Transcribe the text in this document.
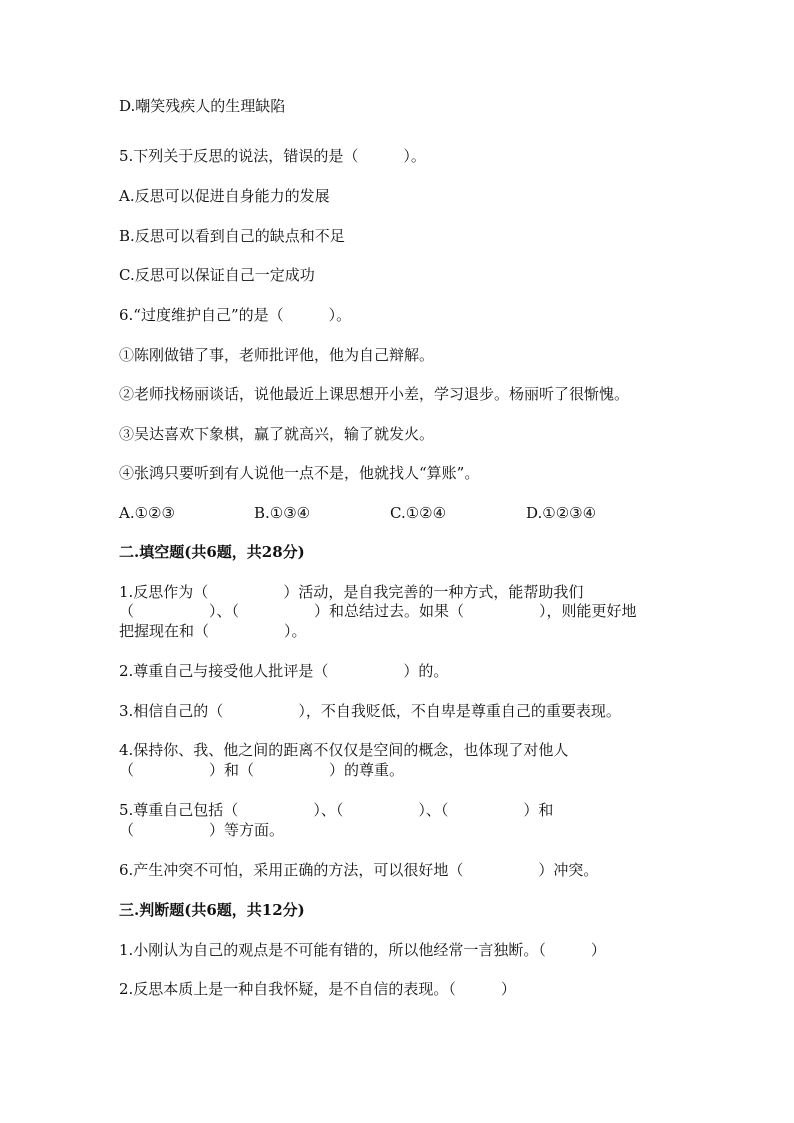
D.嘲笑残疾人的生理缺陷
5.下列关于反思的说法，错误的是（　　　）。
A.反思可以促进自身能力的发展
B.反思可以看到自己的缺点和不足
C.反思可以保证自己一定成功
6.“过度维护自己”的是（　　　）。
①陈刚做错了事，老师批评他，他为自己辩解。
②老师找杨丽谈话，说他最近上课思想开小差，学习退步。杨丽听了很惭愧。
③吴达喜欢下象棋，赢了就高兴，输了就发火。
④张鸿只要听到有人说他一点不是，他就找人“算账”。

A.①②③

	B.①③④

	C.①②④

	D.①②③④

二.填空题(共6题，共28分)
1.反思作为（　　　　　）活动，是自我完善的一种方式，能帮助我们
（　　　　　）、（　　　　　）和总结过去。如果（　　　　　），则能更好地
把握现在和（　　　　　）。
2.尊重自己与接受他人批评是（　　　　　）的。
3.相信自己的（　　　　　），不自我贬低，不自卑是尊重自己的重要表现。
4.保持你、我、他之间的距离不仅仅是空间的概念，也体现了对他人
（　　　　　）和（　　　　　）的尊重。
5.尊重自己包括（　　　　　）、（　　　　　）、（　　　　　）和
（　　　　　）等方面。
6.产生冲突不可怕，采用正确的方法，可以很好地（　　　　　）冲突。
三.判断题(共6题，共12分)
1.小刚认为自己的观点是不可能有错的，所以他经常一言独断。（　　　）
2.反思本质上是一种自我怀疑，是不自信的表现。（　　　）
